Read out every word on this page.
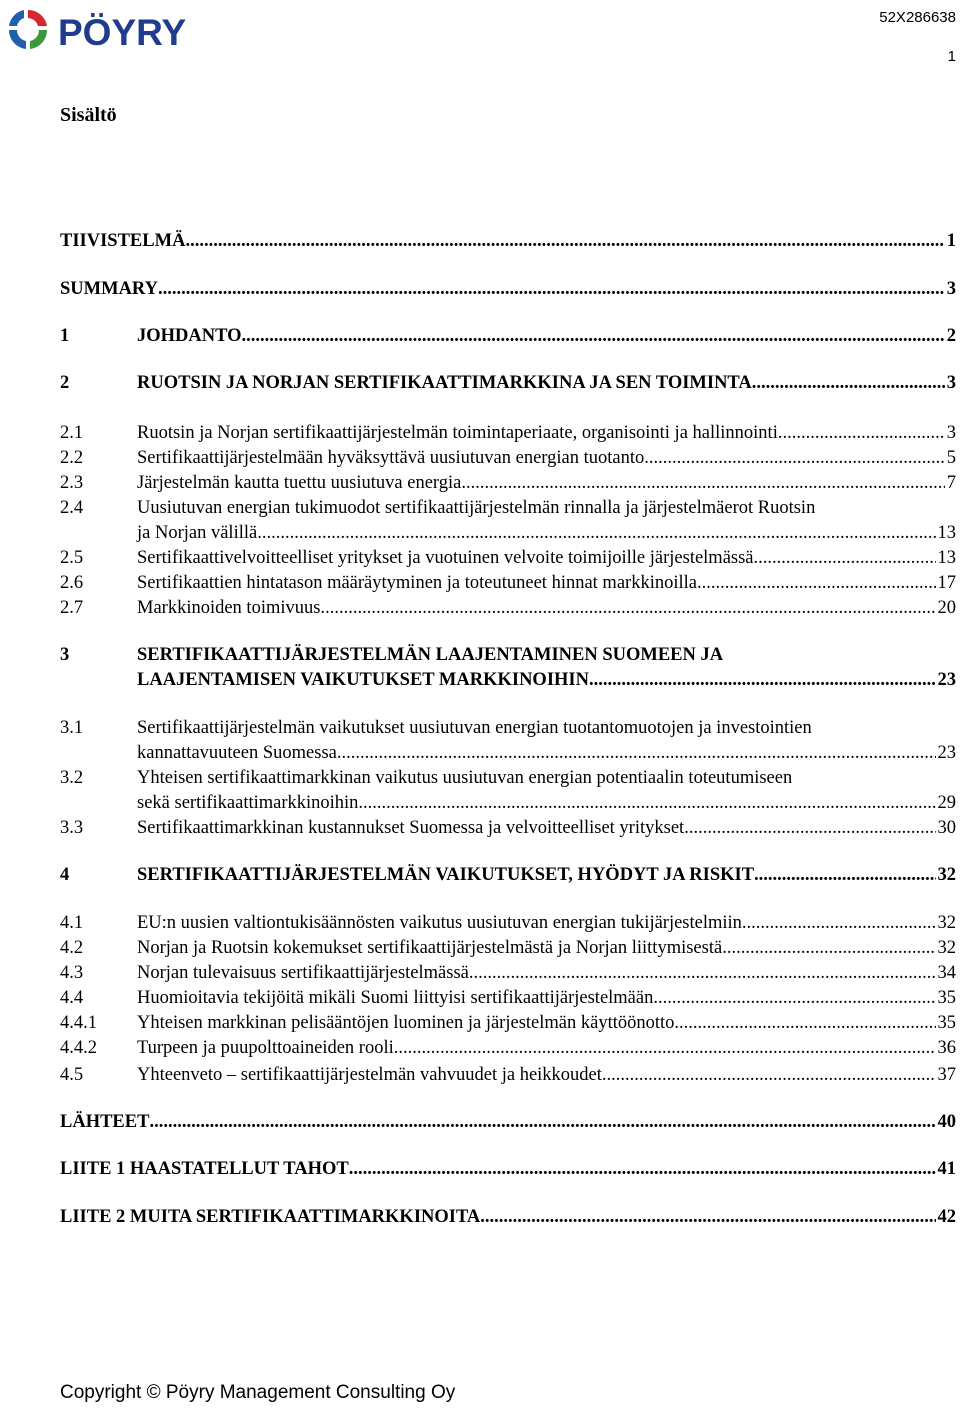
PÖYRY	52X286638
1
Sisältö
TIIVISTELMÄ .....	1
SUMMARY .....	3
1	JOHDANTO .....	2
2	RUOTSIN JA NORJAN SERTIFIKAATTIMARKKINA JA SEN TOIMINTA .....	3
2.1	Ruotsin ja Norjan sertifikaattijärjestelmän toimintaperiaate, organisointi ja hallinnointi .....	3
2.2	Sertifikaattijärjestelmään hyväksyttävä uusiutuvan energian tuotanto .....	5
2.3	Järjestelmän kautta tuettu uusiutuva energia .....	7
2.4	Uusiutuvan energian tukimuodot sertifikaattijärjestelmän rinnalla ja järjestelmäerot Ruotsin
ja Norjan välillä .....	13
2.5	Sertifikaattivelvoitteelliset yritykset ja vuotuinen velvoite toimijoille järjestelmässä .....	13
2.6	Sertifikaattien hintatason määräytyminen ja toteutuneet hinnat markkinoilla .....	17
2.7	Markkinoiden toimivuus .....	20
3	SERTIFIKAATTIJÄRJESTELMÄN LAAJENTAMINEN SUOMEEN JA
LAAJENTAMISEN VAIKUTUKSET MARKKINOIHIN .....	23
3.1	Sertifikaattijärjestelmän vaikutukset uusiutuvan energian tuotantomuotojen ja investointien
kannattavuuteen Suomessa .....	23
3.2	Yhteisen sertifikaattimarkkinan vaikutus uusiutuvan energian potentiaalin toteutumiseen
sekä sertifikaattimarkkinoihin .....	29
3.3	Sertifikaattimarkkinan kustannukset Suomessa ja velvoitteelliset yritykset .....	30
4	SERTIFIKAATTIJÄRJESTELMÄN VAIKUTUKSET, HYÖDYT JA RISKIT .....	32
4.1	EU:n uusien valtiontukisäännösten vaikutus uusiutuvan energian tukijärjestelmiin .....	32
4.2	Norjan ja Ruotsin kokemukset sertifikaattijärjestelmästä ja Norjan liittymisestä .....	32
4.3	Norjan tulevaisuus sertifikaattijärjestelmässä .....	34
4.4	Huomioitavia tekijöitä mikäli Suomi liittyisi sertifikaattijärjestelmään .....	35
4.4.1 Yhteisen markkinan pelisääntöjen luominen ja järjestelmän käyttöönotto .....	35
4.4.2 Turpeen ja puupolttoaineiden rooli .....	36
4.5	Yhteenveto – sertifikaattijärjestelmän vahvuudet ja heikkoudet .....	37
LÄHTEET .....	40
LIITE 1 HAASTATELLUT TAHOT .....	41
LIITE 2 MUITA SERTIFIKAATTIMARKKINOITA .....	42
Copyright © Pöyry Management Consulting Oy
